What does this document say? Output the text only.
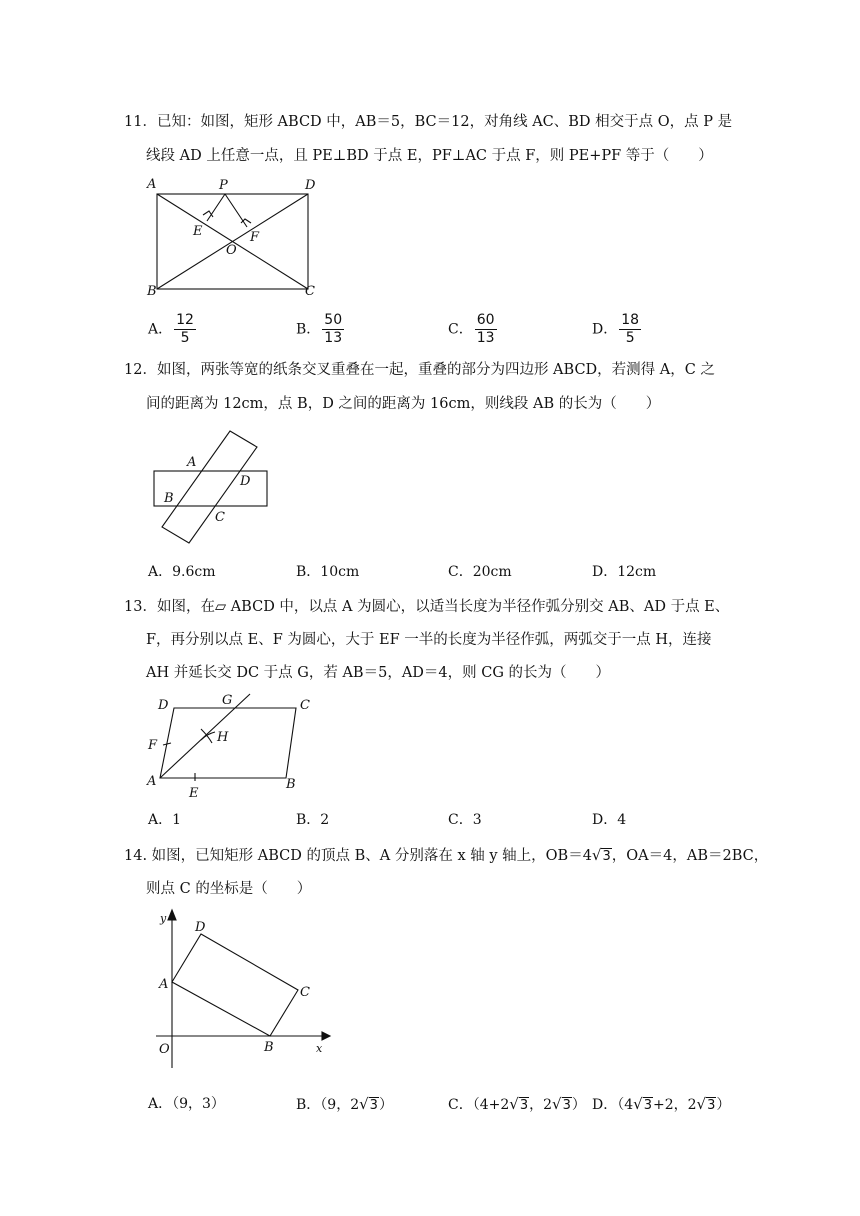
11．已知：如图，矩形 ABCD 中，AB＝5，BC＝12，对角线 AC、BD 相交于点 O，点 P 是
线段 AD 上任意一点，且 PE⊥BD 于点 E，PF⊥AC 于点 F，则 PE+PF 等于（　　）
A	P	D
E
O
F
B	C
A． $\frac{12}{5}$	B． $\frac{50}{13}$	C． $\frac{60}{13}$	D． $\frac{18}{5}$
12．如图，两张等宽的纸条交叉重叠在一起，重叠的部分为四边形 ABCD，若测得 A，C 之
间的距离为 12cm，点 B，D 之间的距离为 16cm，则线段 AB 的长为（　　）
A
D
B
C
A．9.6cm	B．10cm	C．20cm	D．12cm
13．如图，在▱ ABCD 中，以点 A 为圆心，以适当长度为半径作弧分别交 AB、AD 于点 E、
F，再分别以点 E、F 为圆心，大于 EF 一半的长度为半径作弧，两弧交于一点 H，连接
AH 并延长交 DC 于点 G，若 AB＝5，AD＝4，则 CG 的长为（　　）
D	G	C
F
H
A
E
B
A．1	B．2	C．3	D．4
14. 如图，已知矩形 ABCD 的顶点 B、A 分别落在 x 轴 y 轴上，OB＝4√3，OA＝4，AB＝2BC，
则点 C 的坐标是（　　）
y
D
A
C
O	B	x
A．（9，3）	B．（9，2√3）	C．（4+2√3，2√3） D．（4√3+2，2√3）
